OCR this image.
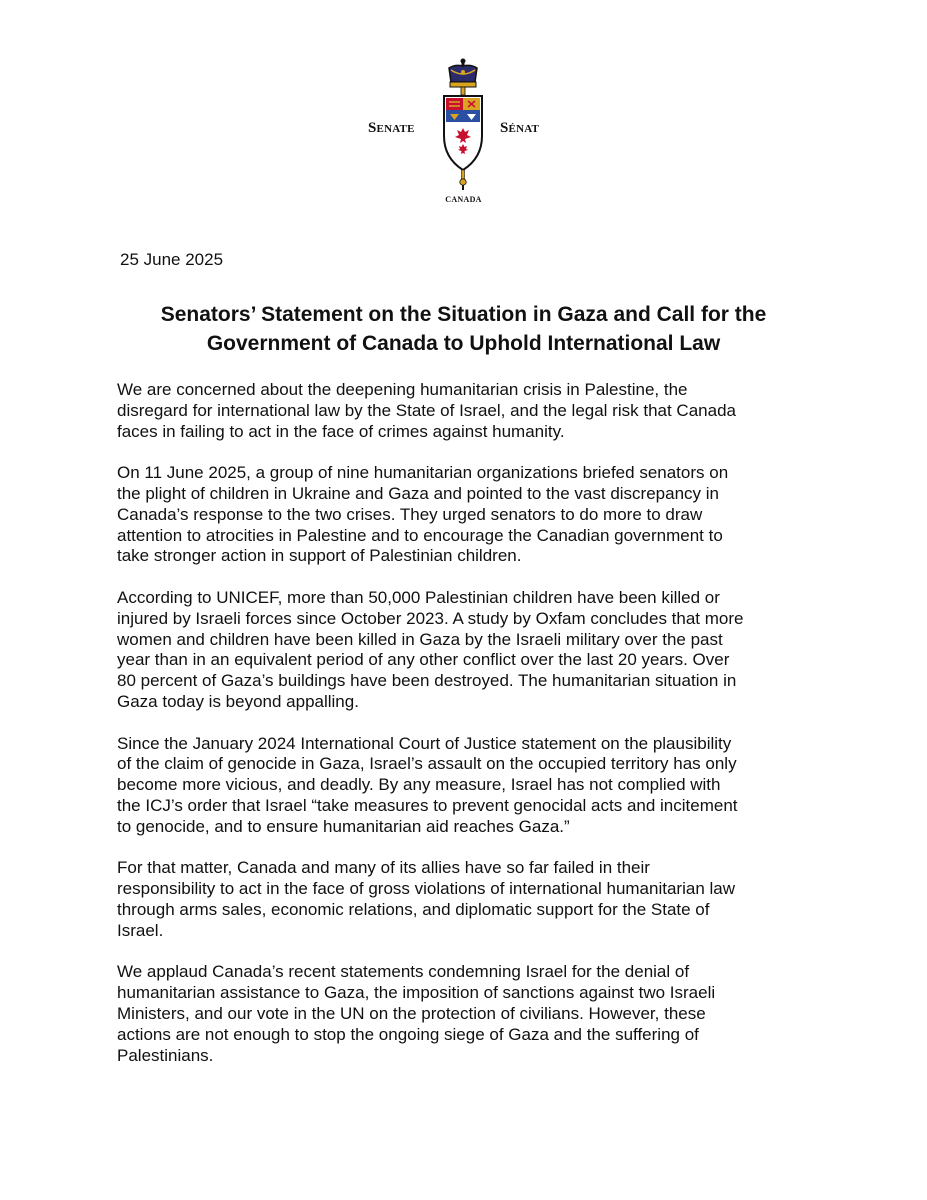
Senate	Sénat
CANADA
25 June 2025
Senators’ Statement on the Situation in Gaza and Call for the
Government of Canada to Uphold International Law

We are concerned about the deepening humanitarian crisis in Palestine, the
disregard for international law by the State of Israel, and the legal risk that Canada
faces in failing to act in the face of crimes against humanity.

On 11 June 2025, a group of nine humanitarian organizations briefed senators on
the plight of children in Ukraine and Gaza and pointed to the vast discrepancy in
Canada’s response to the two crises. They urged senators to do more to draw
attention to atrocities in Palestine and to encourage the Canadian government to
take stronger action in support of Palestinian children.

According to UNICEF, more than 50,000 Palestinian children have been killed or
injured by Israeli forces since October 2023. A study by Oxfam concludes that more
women and children have been killed in Gaza by the Israeli military over the past
year than in an equivalent period of any other conflict over the last 20 years. Over
80 percent of Gaza’s buildings have been destroyed. The humanitarian situation in
Gaza today is beyond appalling.

Since the January 2024 International Court of Justice statement on the plausibility
of the claim of genocide in Gaza, Israel’s assault on the occupied territory has only
become more vicious, and deadly. By any measure, Israel has not complied with
the ICJ’s order that Israel “take measures to prevent genocidal acts and incitement
to genocide, and to ensure humanitarian aid reaches Gaza.”

For that matter, Canada and many of its allies have so far failed in their
responsibility to act in the face of gross violations of international humanitarian law
through arms sales, economic relations, and diplomatic support for the State of
Israel.

We applaud Canada’s recent statements condemning Israel for the denial of
humanitarian assistance to Gaza, the imposition of sanctions against two Israeli
Ministers, and our vote in the UN on the protection of civilians. However, these
actions are not enough to stop the ongoing siege of Gaza and the suffering of
Palestinians.
